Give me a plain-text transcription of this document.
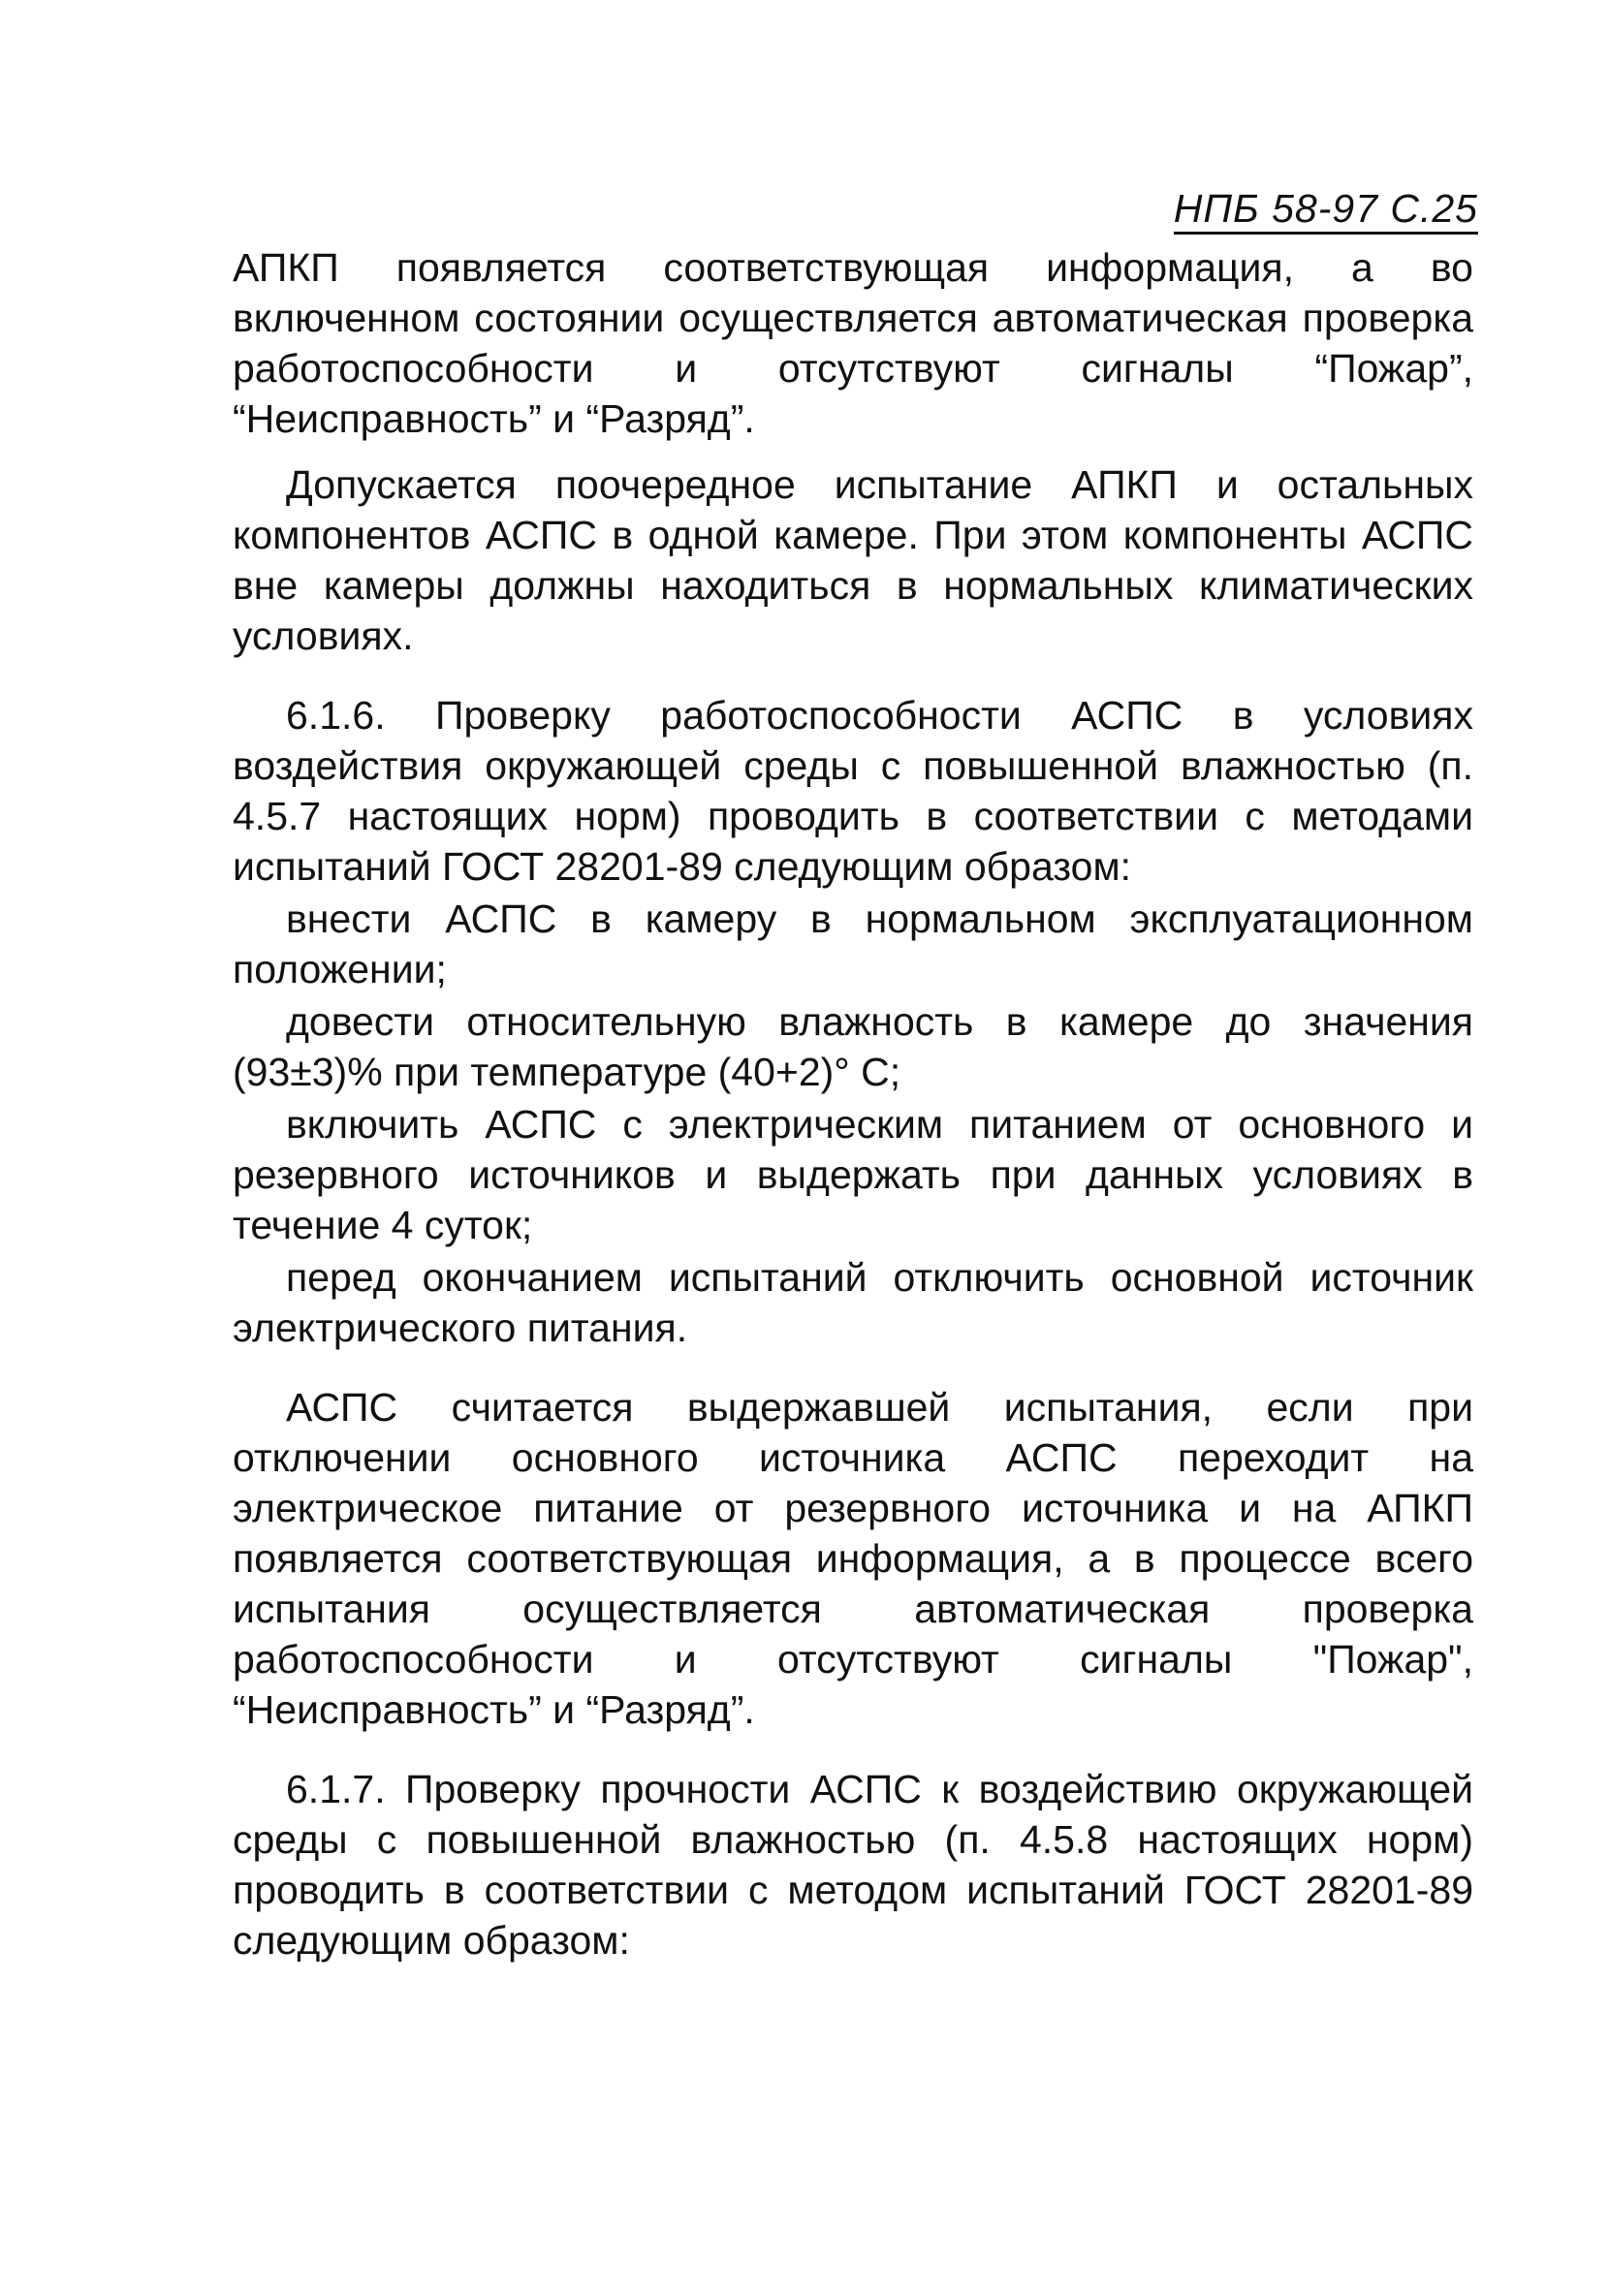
НПБ 58-97 С.25

АПКП появляется соответствующая информация, а во включенном состоянии осуществляется автоматическая проверка работоспособности и отсутствуют сигналы “Пожар”, “Неисправность” и “Разряд”.

Допускается поочередное испытание АПКП и остальных компонентов АСПС в одной камере. При этом компоненты АСПС вне камеры должны находиться в нормальных климатических условиях.

6.1.6. Проверку работоспособности АСПС в условиях воздействия окружающей среды с повышенной влажностью (п. 4.5.7 настоящих норм) проводить в соответствии с методами испытаний ГОСТ 28201-89 следующим образом:

внести АСПС в камеру в нормальном эксплуатационном положении;

довести относительную влажность в камере до значения (93±3)% при температуре (40+2)° С;

включить АСПС с электрическим питанием от основного и резервного источников и выдержать при данных условиях в течение 4 суток;

перед окончанием испытаний отключить основной источник электрического питания.

АСПС считается выдержавшей испытания, если при отключении основного источника АСПС переходит на электрическое питание от резервного источника и на АПКП появляется соответствующая информация, а в процессе всего испытания осуществляется автоматическая проверка работоспособности и отсутствуют сигналы "Пожар", “Неисправность” и “Разряд”.

6.1.7. Проверку прочности АСПС к воздействию окружающей среды с повышенной влажностью (п. 4.5.8 настоящих норм) проводить в соответствии с методом испытаний ГОСТ 28201-89 следующим образом:
